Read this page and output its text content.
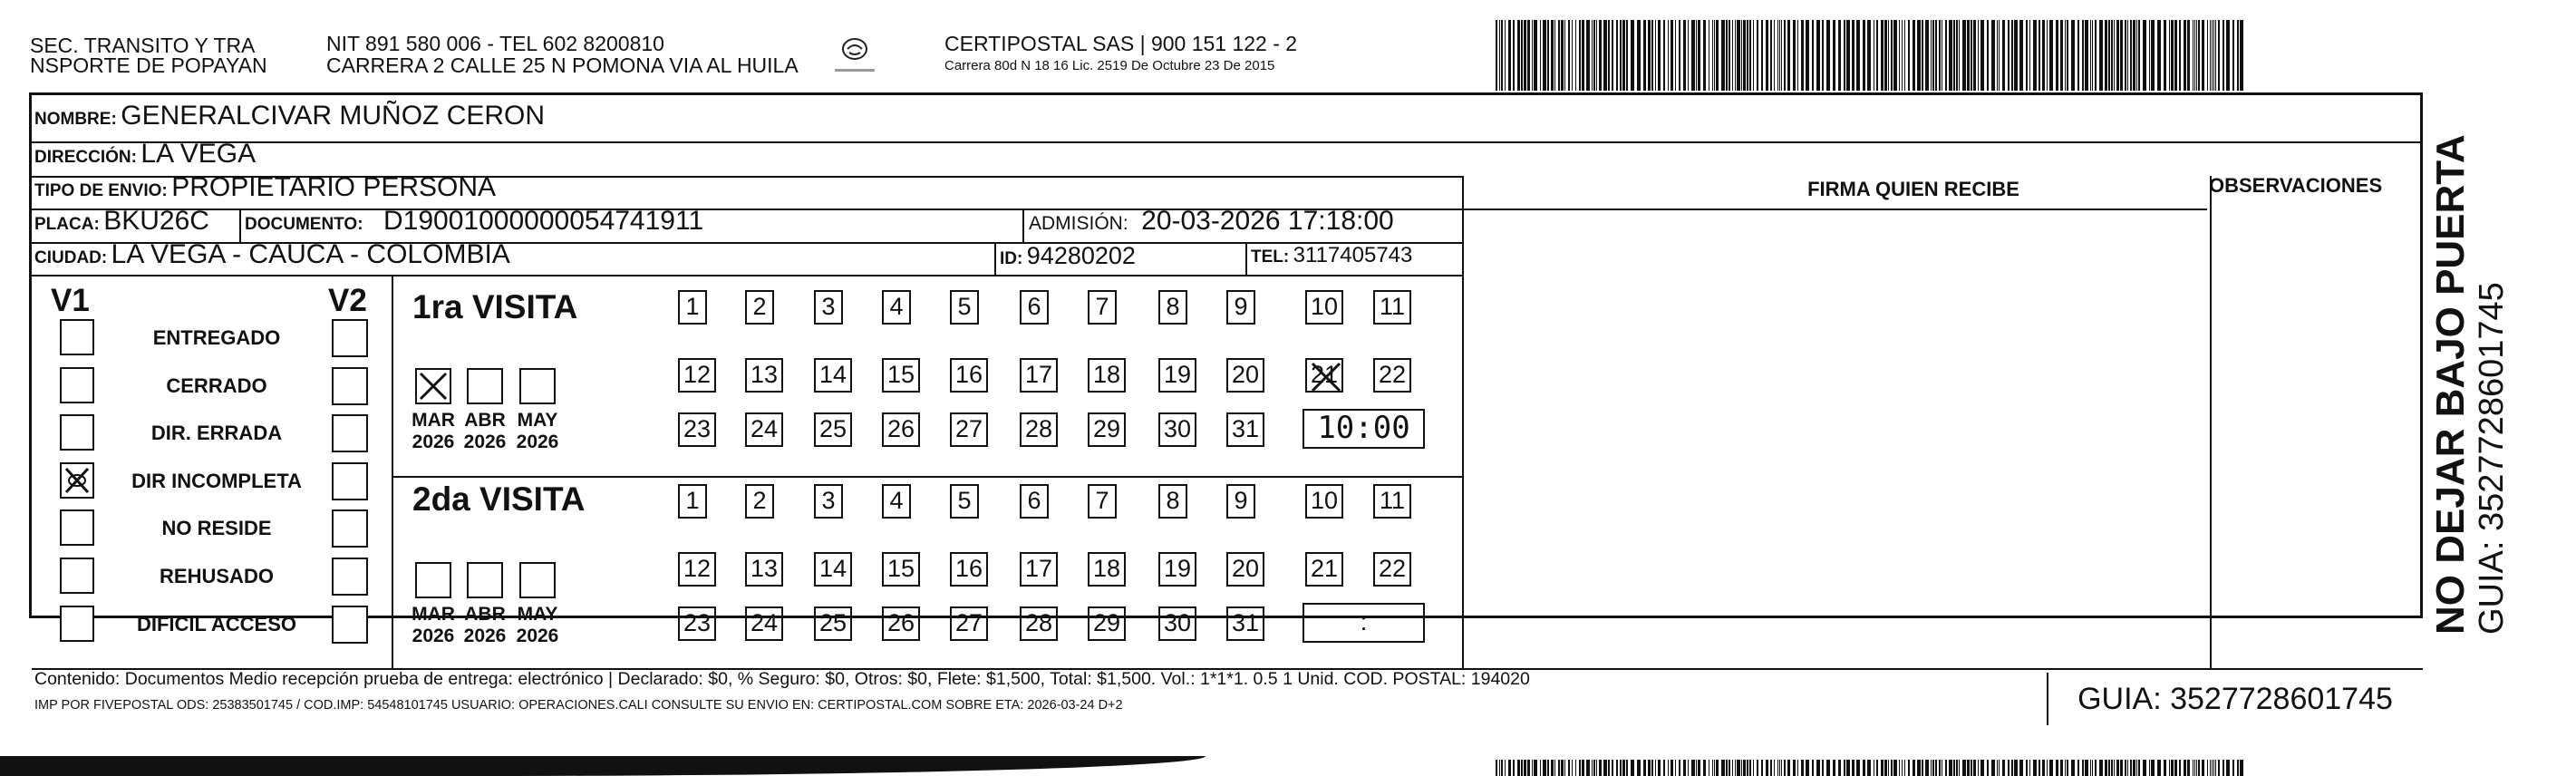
SEC. TRANSITO Y TRA
NSPORTE DE POPAYAN
NIT 891 580 006 - TEL 602 8200810
CARRERA 2 CALLE 25 N POMONA VIA AL HUILA
CERTIPOSTAL SAS | 900 151 122 - 2
Carrera 80d N 18 16 Lic. 2519 De Octubre 23 De 2015
NOMBRE: GENERALCIVAR MUÑOZ CERON
DIRECCIÓN: LA VEGA
TIPO DE ENVIO: PROPIETARIO PERSONA
PLACA: BKU26C DOCUMENTO: D19001000000054741911	ADMISIÓN: 20-03-2026 17:18:00
CIUDAD: LA VEGA - CAUCA - COLOMBIA	ID: 94280202	TEL: 3117405743
FIRMA QUIEN RECIBE	OBSERVACIONES
V1	V2
ENTREGADO
CERRADO
DIR. ERRADA
DIR INCOMPLETA
NO RESIDE
REHUSADO
DIFICIL ACCESO
1ra VISITA
2da VISITA
MAR
2026
ABR
2026
MAY
2026
1	2	3	4	5	6	7	8	9	10 11
12 13 14 15 16 17 18 19 20 21 22
23 24 25 26 27 28 29 30 31	10:00
MAR
2026
ABR
2026
MAY
2026
1	2	3	4	5	6	7	8	9	10 11
12 13 14 15 16 17 18 19 20 21 22
23 24 25 26 27 28 29 30 31	:
Contenido: Documentos Medio recepción prueba de entrega: electrónico | Declarado: $0, % Seguro: $0, Otros: $0, Flete: $1,500, Total: $1,500. Vol.: 1*1*1. 0.5 1 Unid. COD. POSTAL: 194020
IMP POR FIVEPOSTAL ODS: 25383501745 / COD.IMP: 54548101745 USUARIO: OPERACIONES.CALI CONSULTE SU ENVIO EN: CERTIPOSTAL.COM SOBRE ETA: 2026-03-24 D+2	GUIA: 3527728601745
NO DEJAR BAJO PUERTA GUIA: 3527728601745
